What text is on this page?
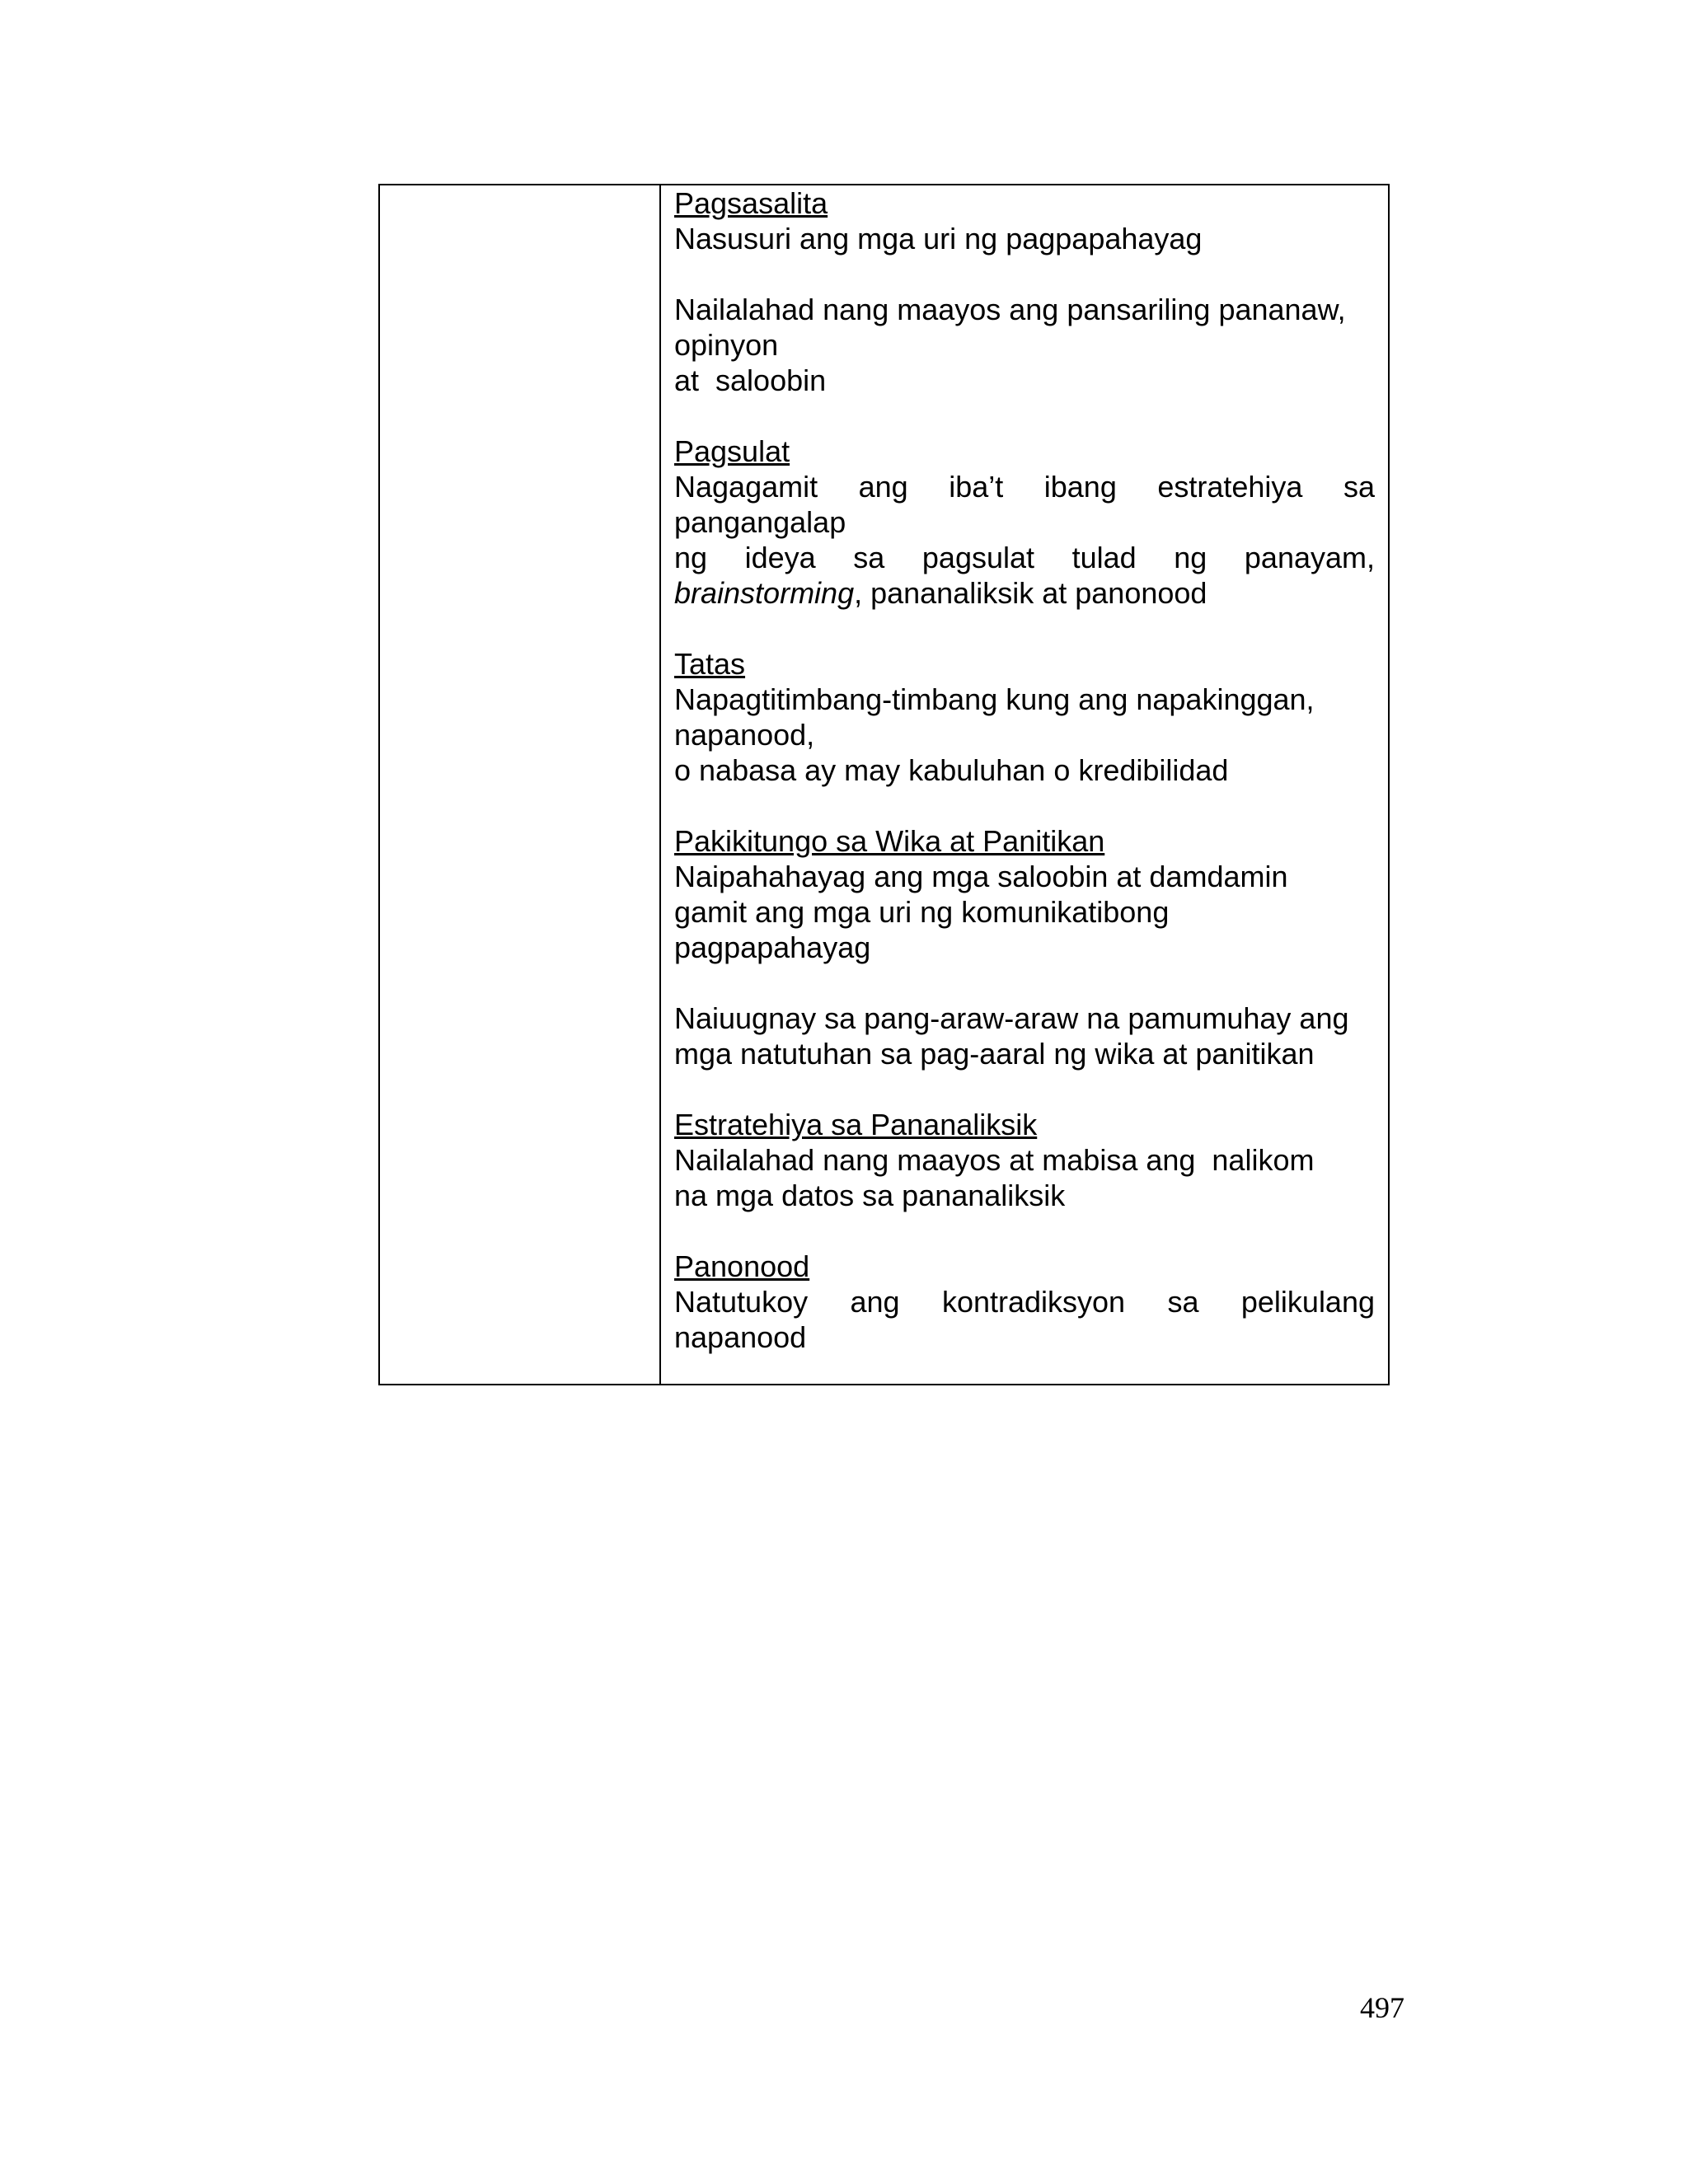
Pagsasalita
Nasusuri ang mga uri ng pagpapahayag
Nailalahad nang maayos ang pansariling pananaw,
opinyon
at  saloobin
Pagsulat
Nagagamit ang iba’t ibang estratehiya sa
pangangalap
ng ideya sa pagsulat tulad ng panayam,
brainstorming, pananaliksik at panonood
Tatas
Napagtitimbang-timbang kung ang napakinggan,
napanood,
o nabasa ay may kabuluhan o kredibilidad
Pakikitungo sa Wika at Panitikan
Naipahahayag ang mga saloobin at damdamin
gamit ang mga uri ng komunikatibong
pagpapahayag
Naiuugnay sa pang-araw-araw na pamumuhay ang
mga natutuhan sa pag-aaral ng wika at panitikan
Estratehiya sa Pananaliksik
Nailalahad nang maayos at mabisa ang  nalikom
na mga datos sa pananaliksik
Panonood
Natutukoy ang kontradiksyon sa pelikulang
napanood
497
